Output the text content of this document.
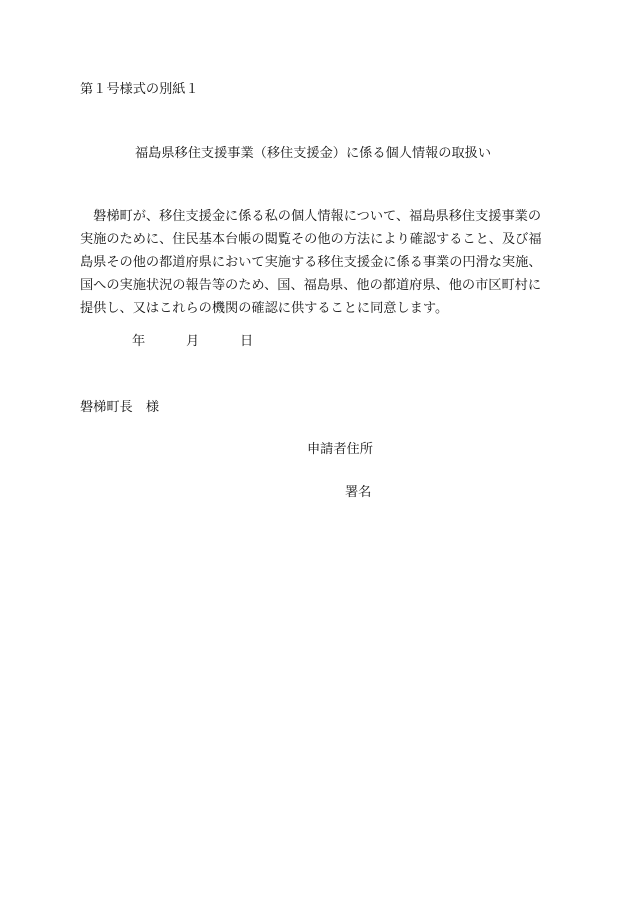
第１号様式の別紙１

福島県移住支援事業（移住支援金）に係る個人情報の取扱い

　磐梯町が、移住支援金に係る私の個人情報について、福島県移住支援事業の
実施のために、住民基本台帳の閲覧その他の方法により確認すること、及び福
島県その他の都道府県において実施する移住支援金に係る事業の円滑な実施、
国への実施状況の報告等のため、国、福島県、他の都道府県、他の市区町村に
提供し、又はこれらの機関の確認に供することに同意します。
年	月	日

磐梯町長　様

申請者住所

署名
